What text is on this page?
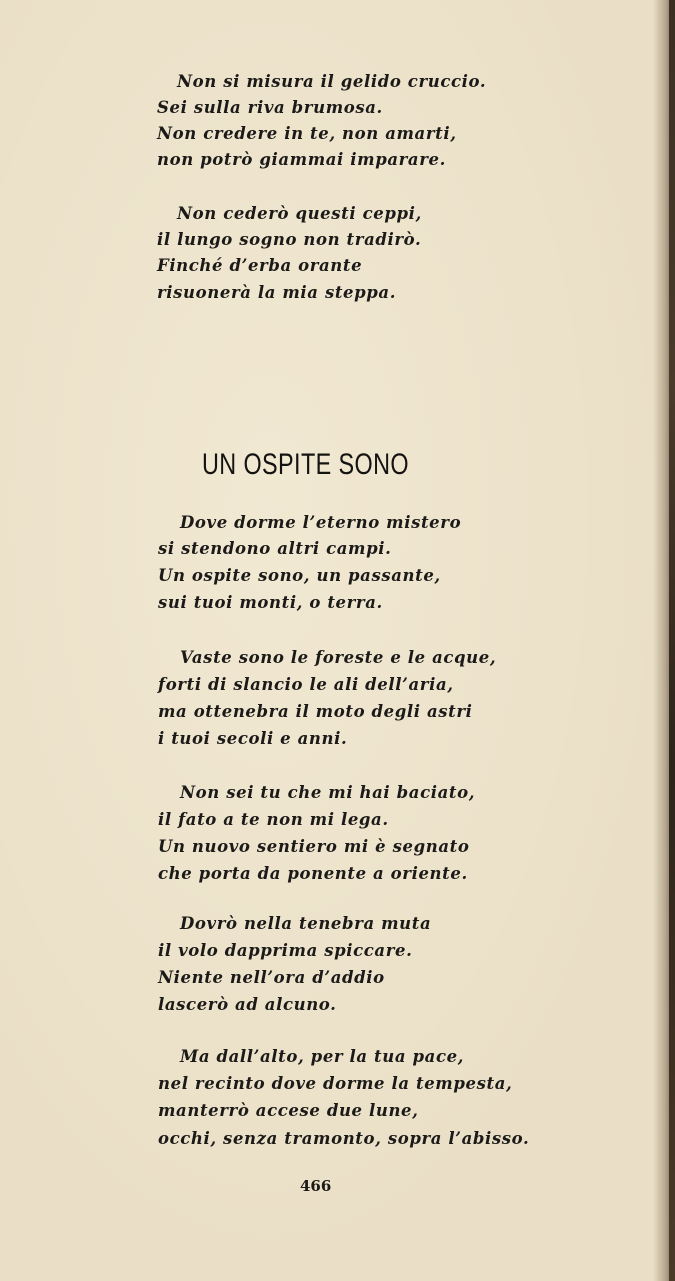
Non si misura il gelido cruccio.
Sei sulla riva brumosa.
Non credere in te, non amarti,
non potrò giammai imparare.
Non cederò questi ceppi,
il lungo sogno non tradirò.
Finché d’erba orante
risuonerà la mia steppa.
UN OSPITE SONO
Dove dorme l’eterno mistero
si stendono altri campi.
Un ospite sono, un passante,
sui tuoi monti, o terra.
Vaste sono le foreste e le acque,
forti di slancio le ali dell’aria,
ma ottenebra il moto degli astri
i tuoi secoli e anni.
Non sei tu che mi hai baciato,
il fato a te non mi lega.
Un nuovo sentiero mi è segnato
che porta da ponente a oriente.
Dovrò nella tenebra muta
il volo dapprima spiccare.
Niente nell’ora d’addio
lascerò ad alcuno.
Ma dall’alto, per la tua pace,
nel recinto dove dorme la tempesta,
manterrò accese due lune,
occhi, senza tramonto, sopra l’abisso.
466
